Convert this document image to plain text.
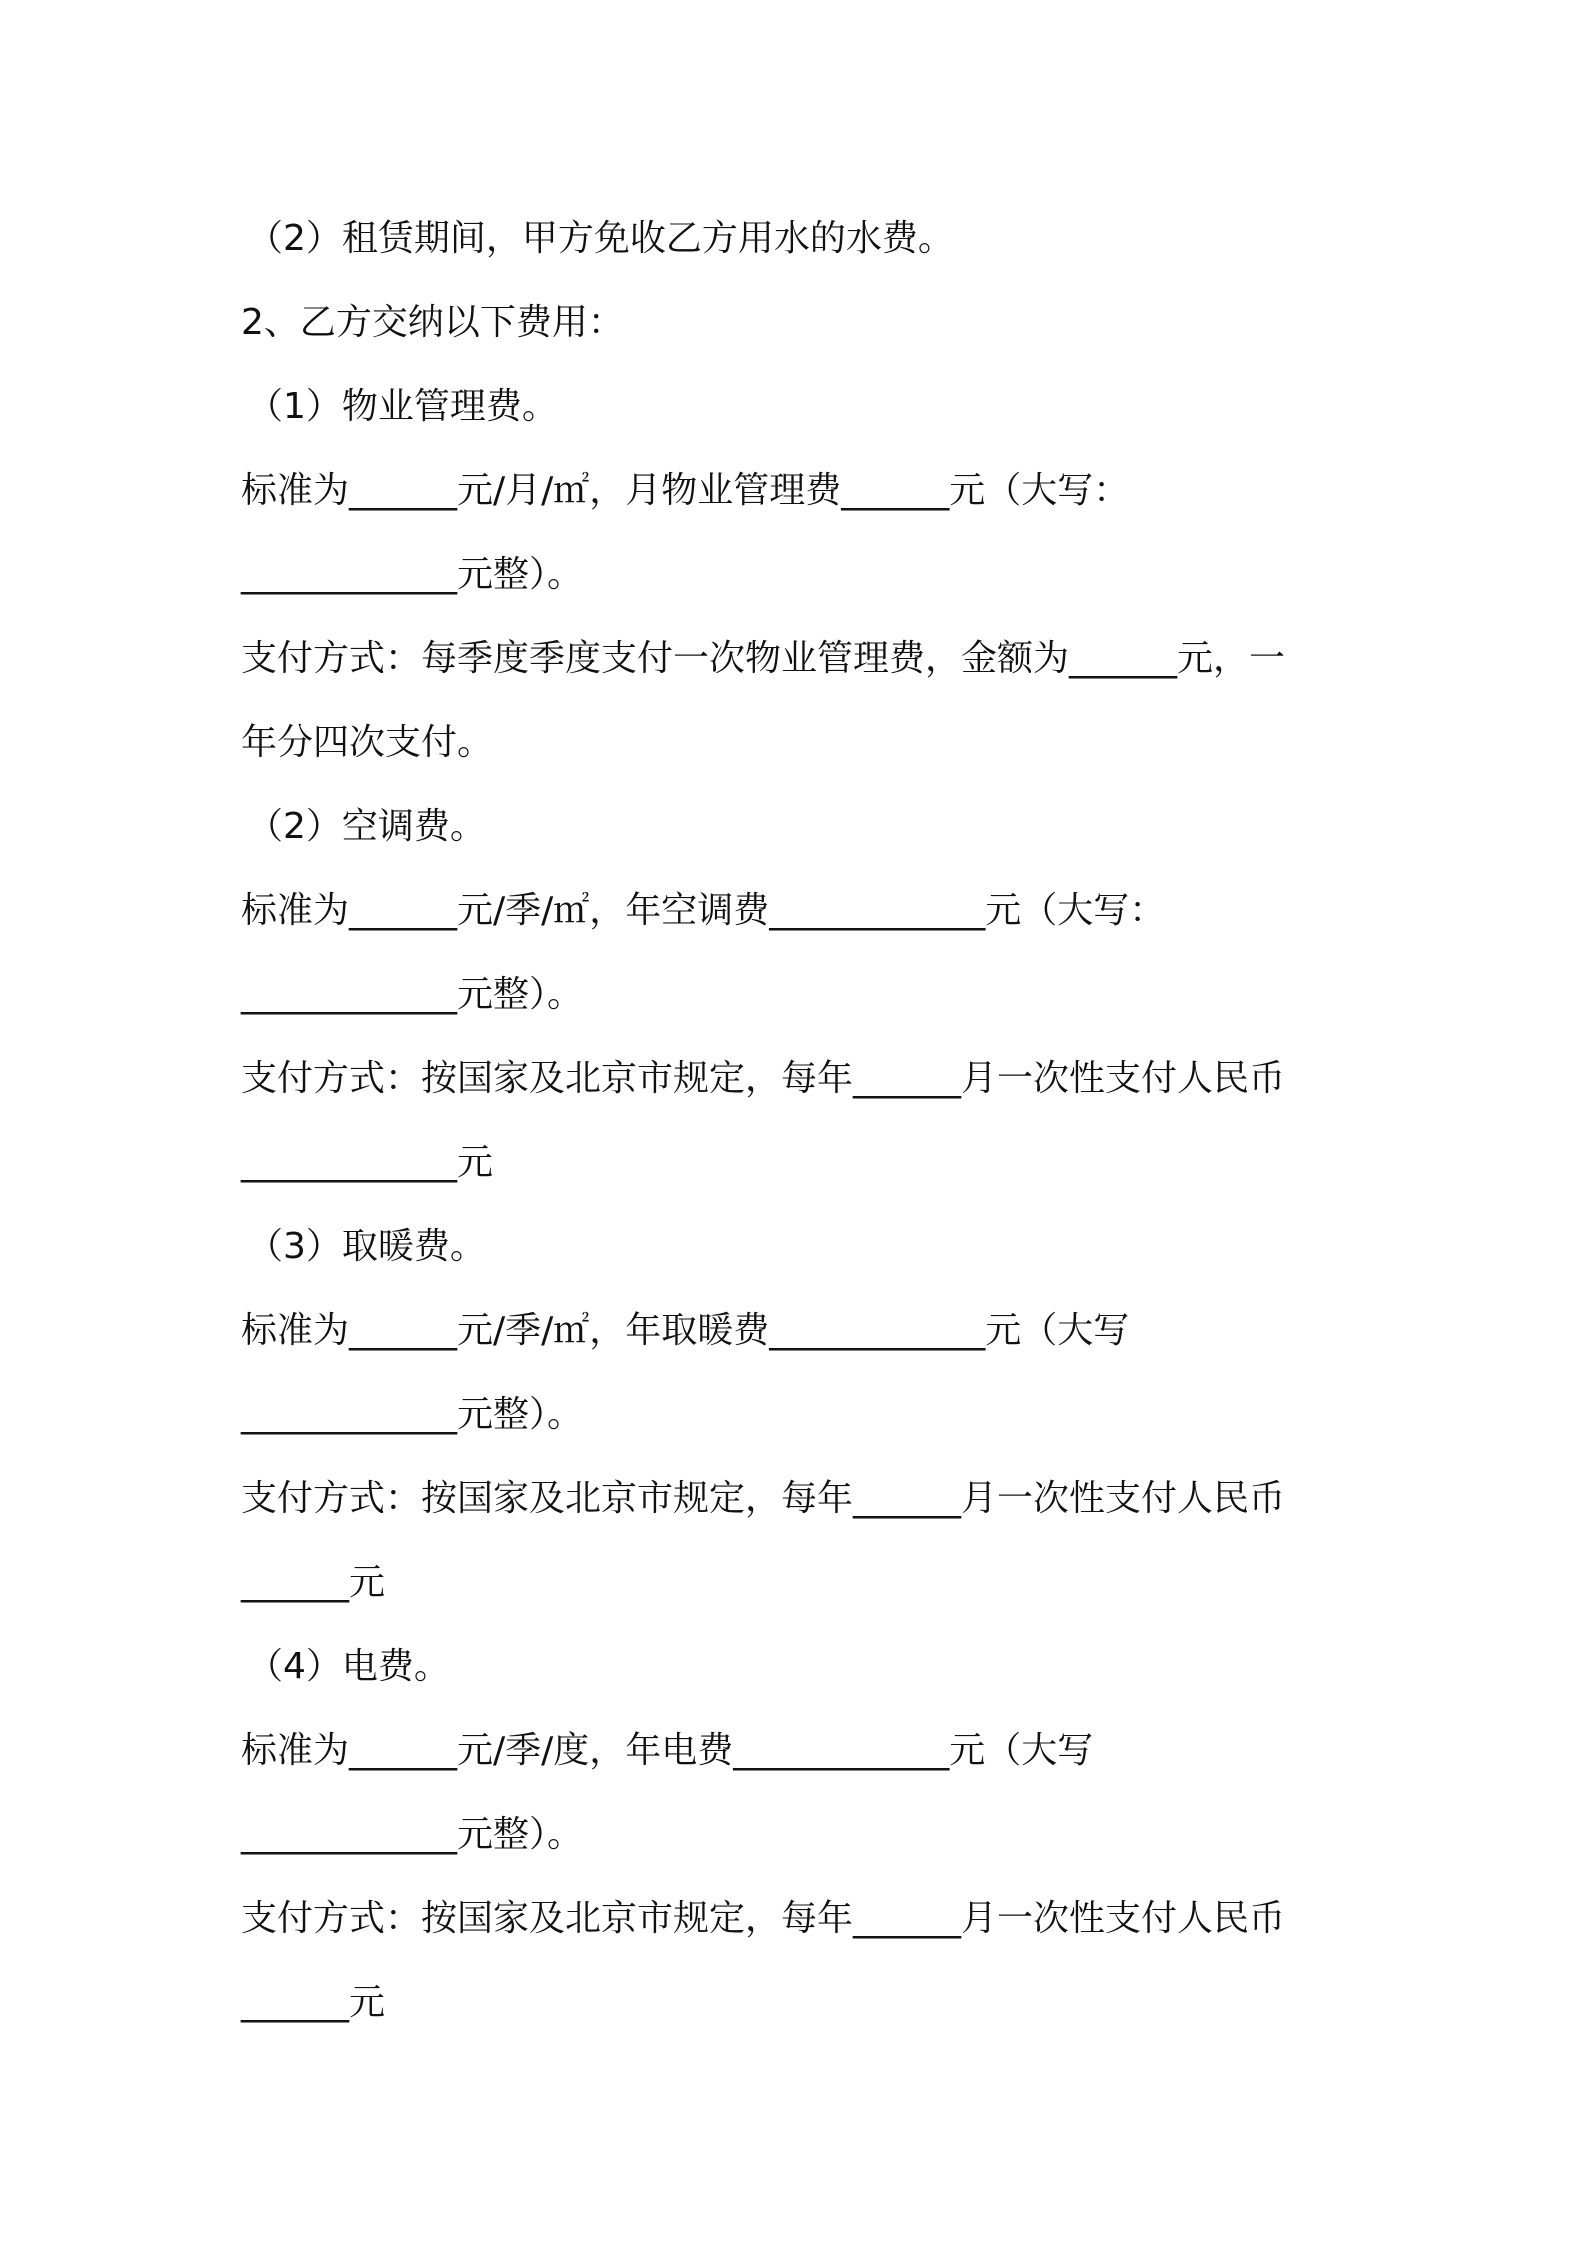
（2）租赁期间，甲方免收乙方用水的水费。
2、乙方交纳以下费用：
（1）物业管理费。
标准为______元/月/㎡，月物业管理费______元（大写：
____________元整）。
支付方式：每季度季度支付一次物业管理费，金额为______元，一
年分四次支付。
（2）空调费。
标准为______元/季/㎡，年空调费____________元（大写：
____________元整）。
支付方式：按国家及北京市规定，每年______月一次性支付人民币
____________元
（3）取暖费。
标准为______元/季/㎡，年取暖费____________元（大写
____________元整）。
支付方式：按国家及北京市规定，每年______月一次性支付人民币
______元
（4）电费。
标准为______元/季/度，年电费____________元（大写
____________元整）。
支付方式：按国家及北京市规定，每年______月一次性支付人民币
______元
